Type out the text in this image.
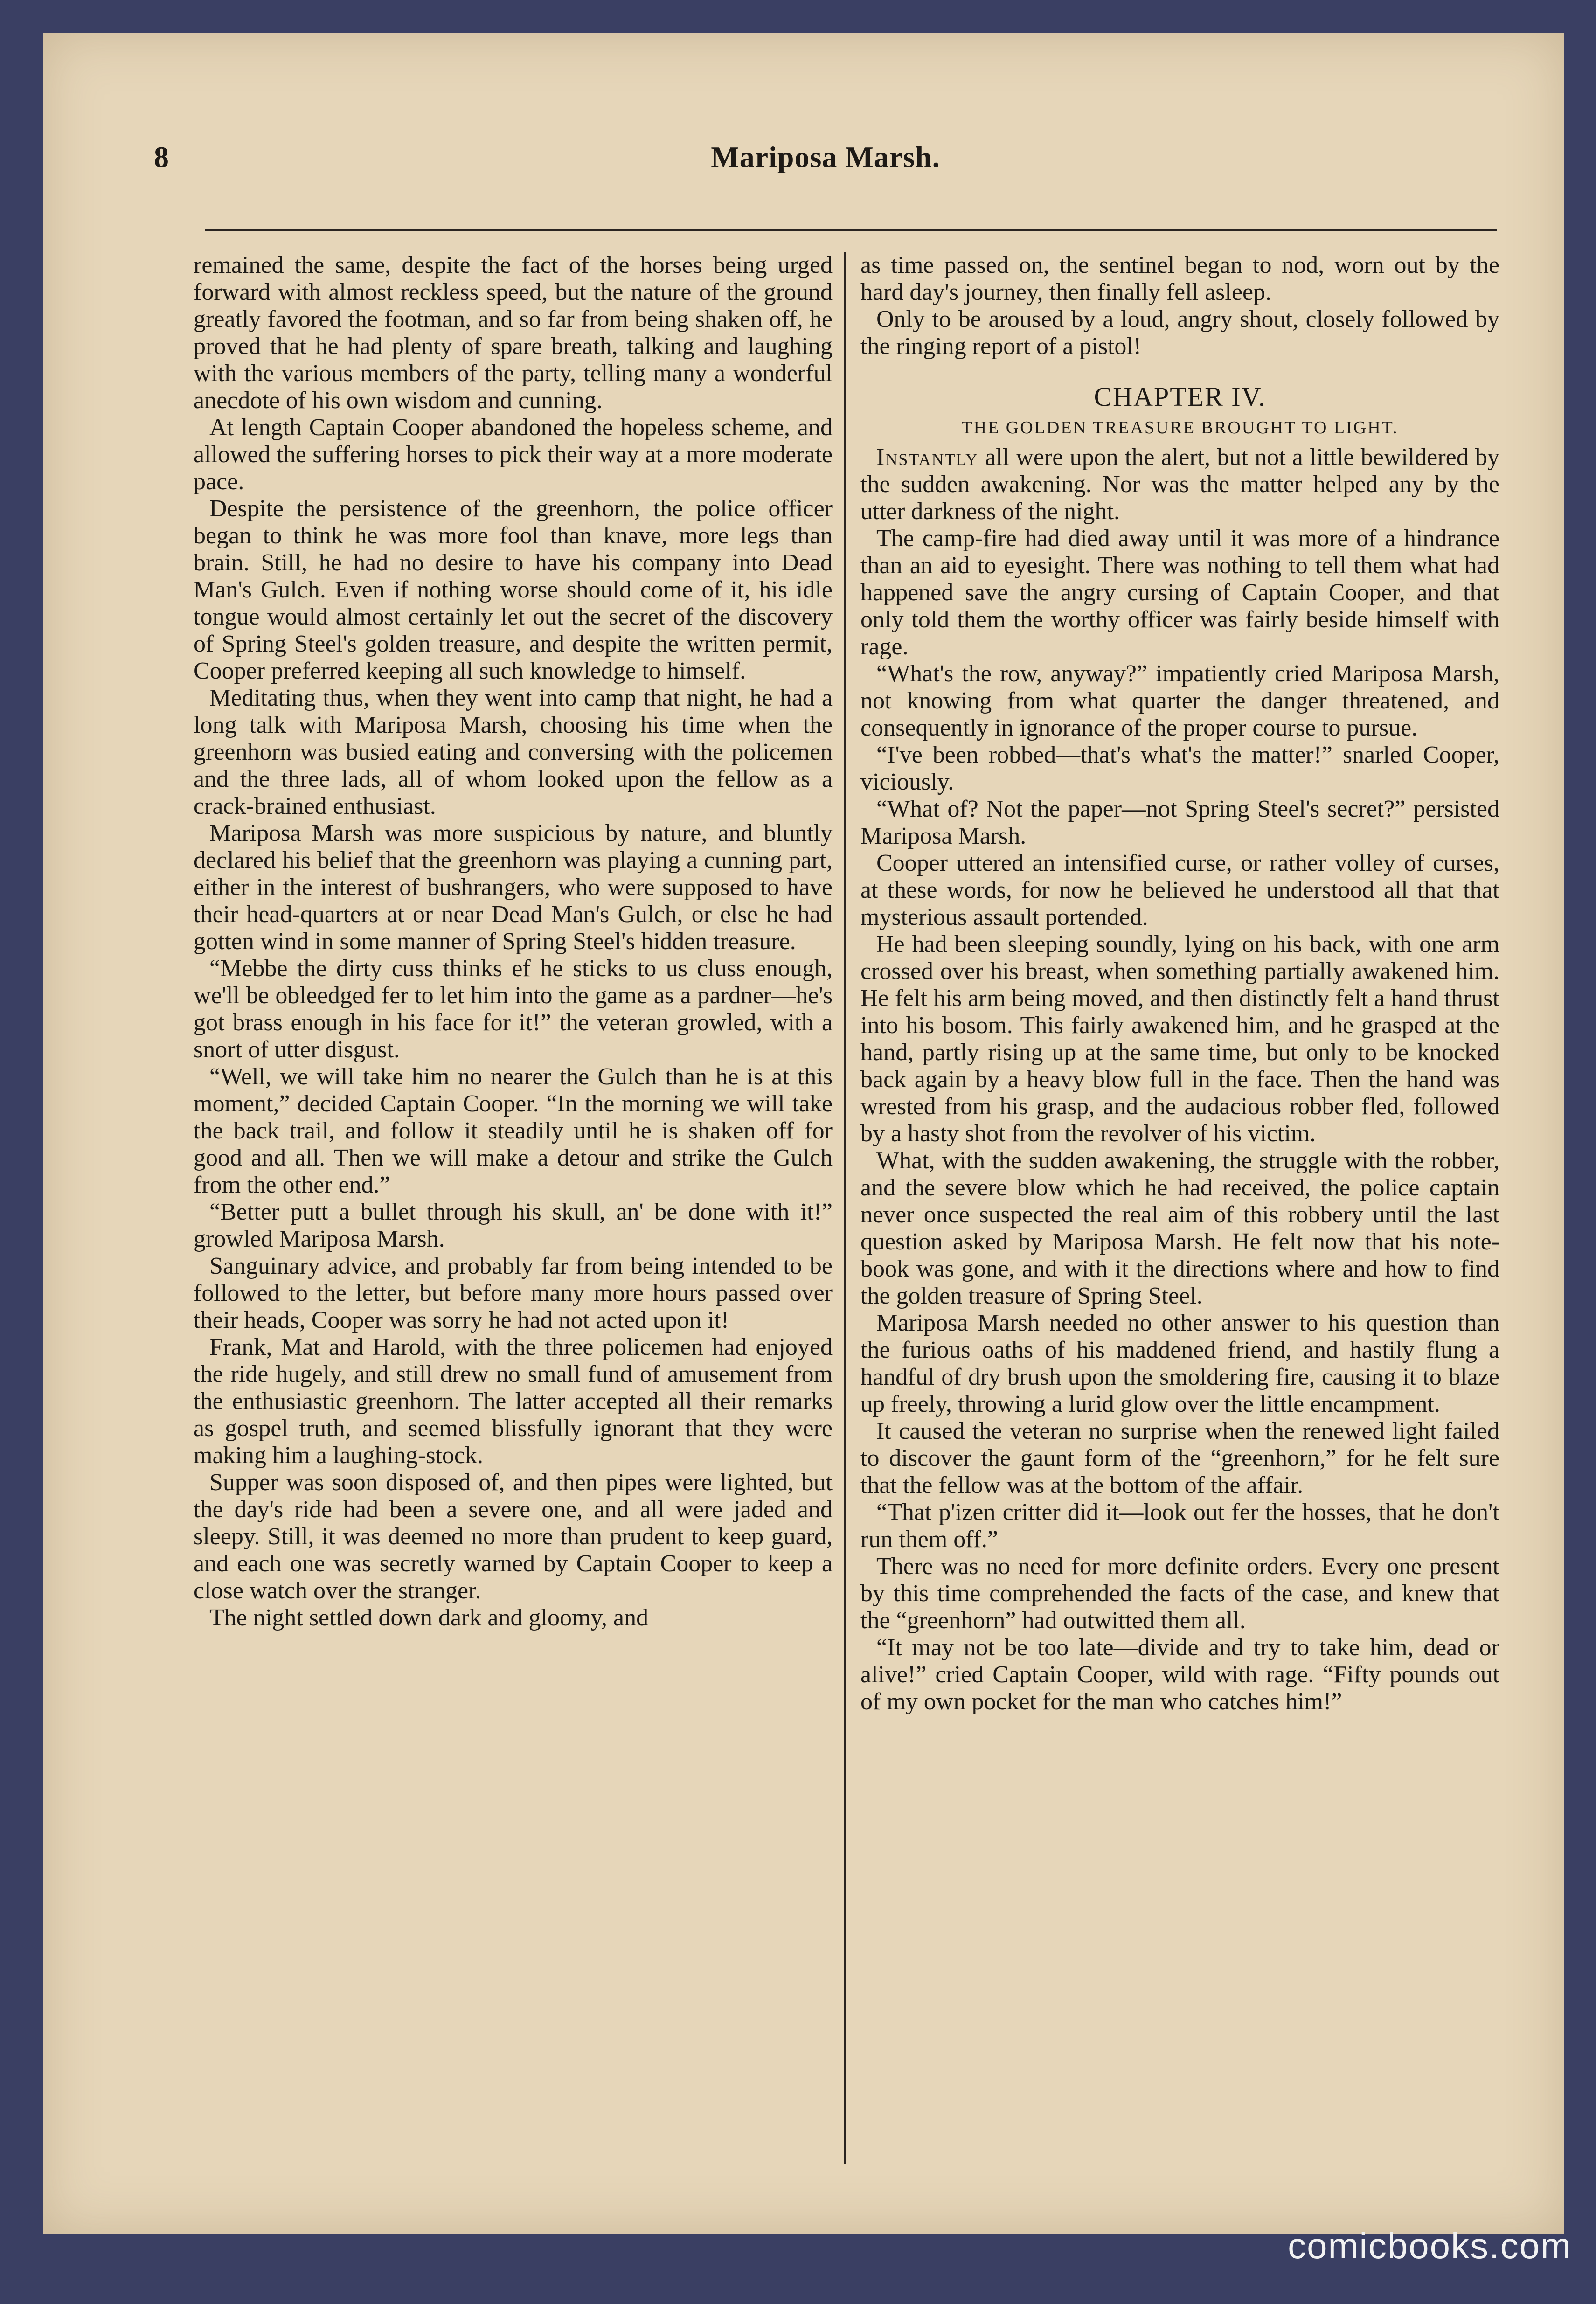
8	Mariposa Marsh.

remained the same, despite the fact of the horses being urged forward with almost reckless speed, but the nature of the ground greatly favored the footman, and so far from being shaken off, he proved that he had plenty of spare breath, talking and laughing with the various members of the party, telling many a wonderful anecdote of his own wisdom and cunning.

At length Captain Cooper abandoned the hopeless scheme, and allowed the suffering horses to pick their way at a more moderate pace.

Despite the persistence of the greenhorn, the police officer began to think he was more fool than knave, more legs than brain. Still, he had no desire to have his company into Dead Man's Gulch. Even if nothing worse should come of it, his idle tongue would almost certainly let out the secret of the discovery of Spring Steel's golden treasure, and despite the written permit, Cooper preferred keeping all such knowledge to himself.

Meditating thus, when they went into camp that night, he had a long talk with Mariposa Marsh, choosing his time when the greenhorn was busied eating and conversing with the policemen and the three lads, all of whom looked upon the fellow as a crack-brained enthusiast.

Mariposa Marsh was more suspicious by nature, and bluntly declared his belief that the greenhorn was playing a cunning part, either in the interest of bushrangers, who were supposed to have their head-quarters at or near Dead Man's Gulch, or else he had gotten wind in some manner of Spring Steel's hidden treasure.

“Mebbe the dirty cuss thinks ef he sticks to us cluss enough, we'll be obleedged fer to let him into the game as a pardner—he's got brass enough in his face for it!” the veteran growled, with a snort of utter disgust.

“Well, we will take him no nearer the Gulch than he is at this moment,” decided Captain Cooper. “In the morning we will take the back trail, and follow it steadily until he is shaken off for good and all. Then we will make a detour and strike the Gulch from the other end.”

“Better putt a bullet through his skull, an' be done with it!” growled Mariposa Marsh.

Sanguinary advice, and probably far from being intended to be followed to the letter, but before many more hours passed over their heads, Cooper was sorry he had not acted upon it!

Frank, Mat and Harold, with the three policemen had enjoyed the ride hugely, and still drew no small fund of amusement from the enthusiastic greenhorn. The latter accepted all their remarks as gospel truth, and seemed blissfully ignorant that they were making him a laughing-stock.

Supper was soon disposed of, and then pipes were lighted, but the day's ride had been a severe one, and all were jaded and sleepy. Still, it was deemed no more than prudent to keep guard, and each one was secretly warned by Captain Cooper to keep a close watch over the stranger.

The night settled down dark and gloomy, and

as time passed on, the sentinel began to nod, worn out by the hard day's journey, then finally fell asleep.

Only to be aroused by a loud, angry shout, closely followed by the ringing report of a pistol!

CHAPTER IV.
THE GOLDEN TREASURE BROUGHT TO LIGHT.

Instantly all were upon the alert, but not a little bewildered by the sudden awakening. Nor was the matter helped any by the utter darkness of the night.

The camp-fire had died away until it was more of a hindrance than an aid to eyesight. There was nothing to tell them what had happened save the angry cursing of Captain Cooper, and that only told them the worthy officer was fairly beside himself with rage.

“What's the row, anyway?” impatiently cried Mariposa Marsh, not knowing from what quarter the danger threatened, and consequently in ignorance of the proper course to pursue.

“I've been robbed—that's what's the matter!” snarled Cooper, viciously.

“What of? Not the paper—not Spring Steel's secret?” persisted Mariposa Marsh.

Cooper uttered an intensified curse, or rather volley of curses, at these words, for now he believed he understood all that that mysterious assault portended.

He had been sleeping soundly, lying on his back, with one arm crossed over his breast, when something partially awakened him. He felt his arm being moved, and then distinctly felt a hand thrust into his bosom. This fairly awakened him, and he grasped at the hand, partly rising up at the same time, but only to be knocked back again by a heavy blow full in the face. Then the hand was wrested from his grasp, and the audacious robber fled, followed by a hasty shot from the revolver of his victim.

What, with the sudden awakening, the struggle with the robber, and the severe blow which he had received, the police captain never once suspected the real aim of this robbery until the last question asked by Mariposa Marsh. He felt now that his note-book was gone, and with it the directions where and how to find the golden treasure of Spring Steel.

Mariposa Marsh needed no other answer to his question than the furious oaths of his maddened friend, and hastily flung a handful of dry brush upon the smoldering fire, causing it to blaze up freely, throwing a lurid glow over the little encampment.

It caused the veteran no surprise when the renewed light failed to discover the gaunt form of the “greenhorn,” for he felt sure that the fellow was at the bottom of the affair.

“That p'izen critter did it—look out fer the hosses, that he don't run them off.”

There was no need for more definite orders. Every one present by this time comprehended the facts of the case, and knew that the “greenhorn” had outwitted them all.

“It may not be too late—divide and try to take him, dead or alive!” cried Captain Cooper, wild with rage. “Fifty pounds out of my own pocket for the man who catches him!”

comicbooks.com
